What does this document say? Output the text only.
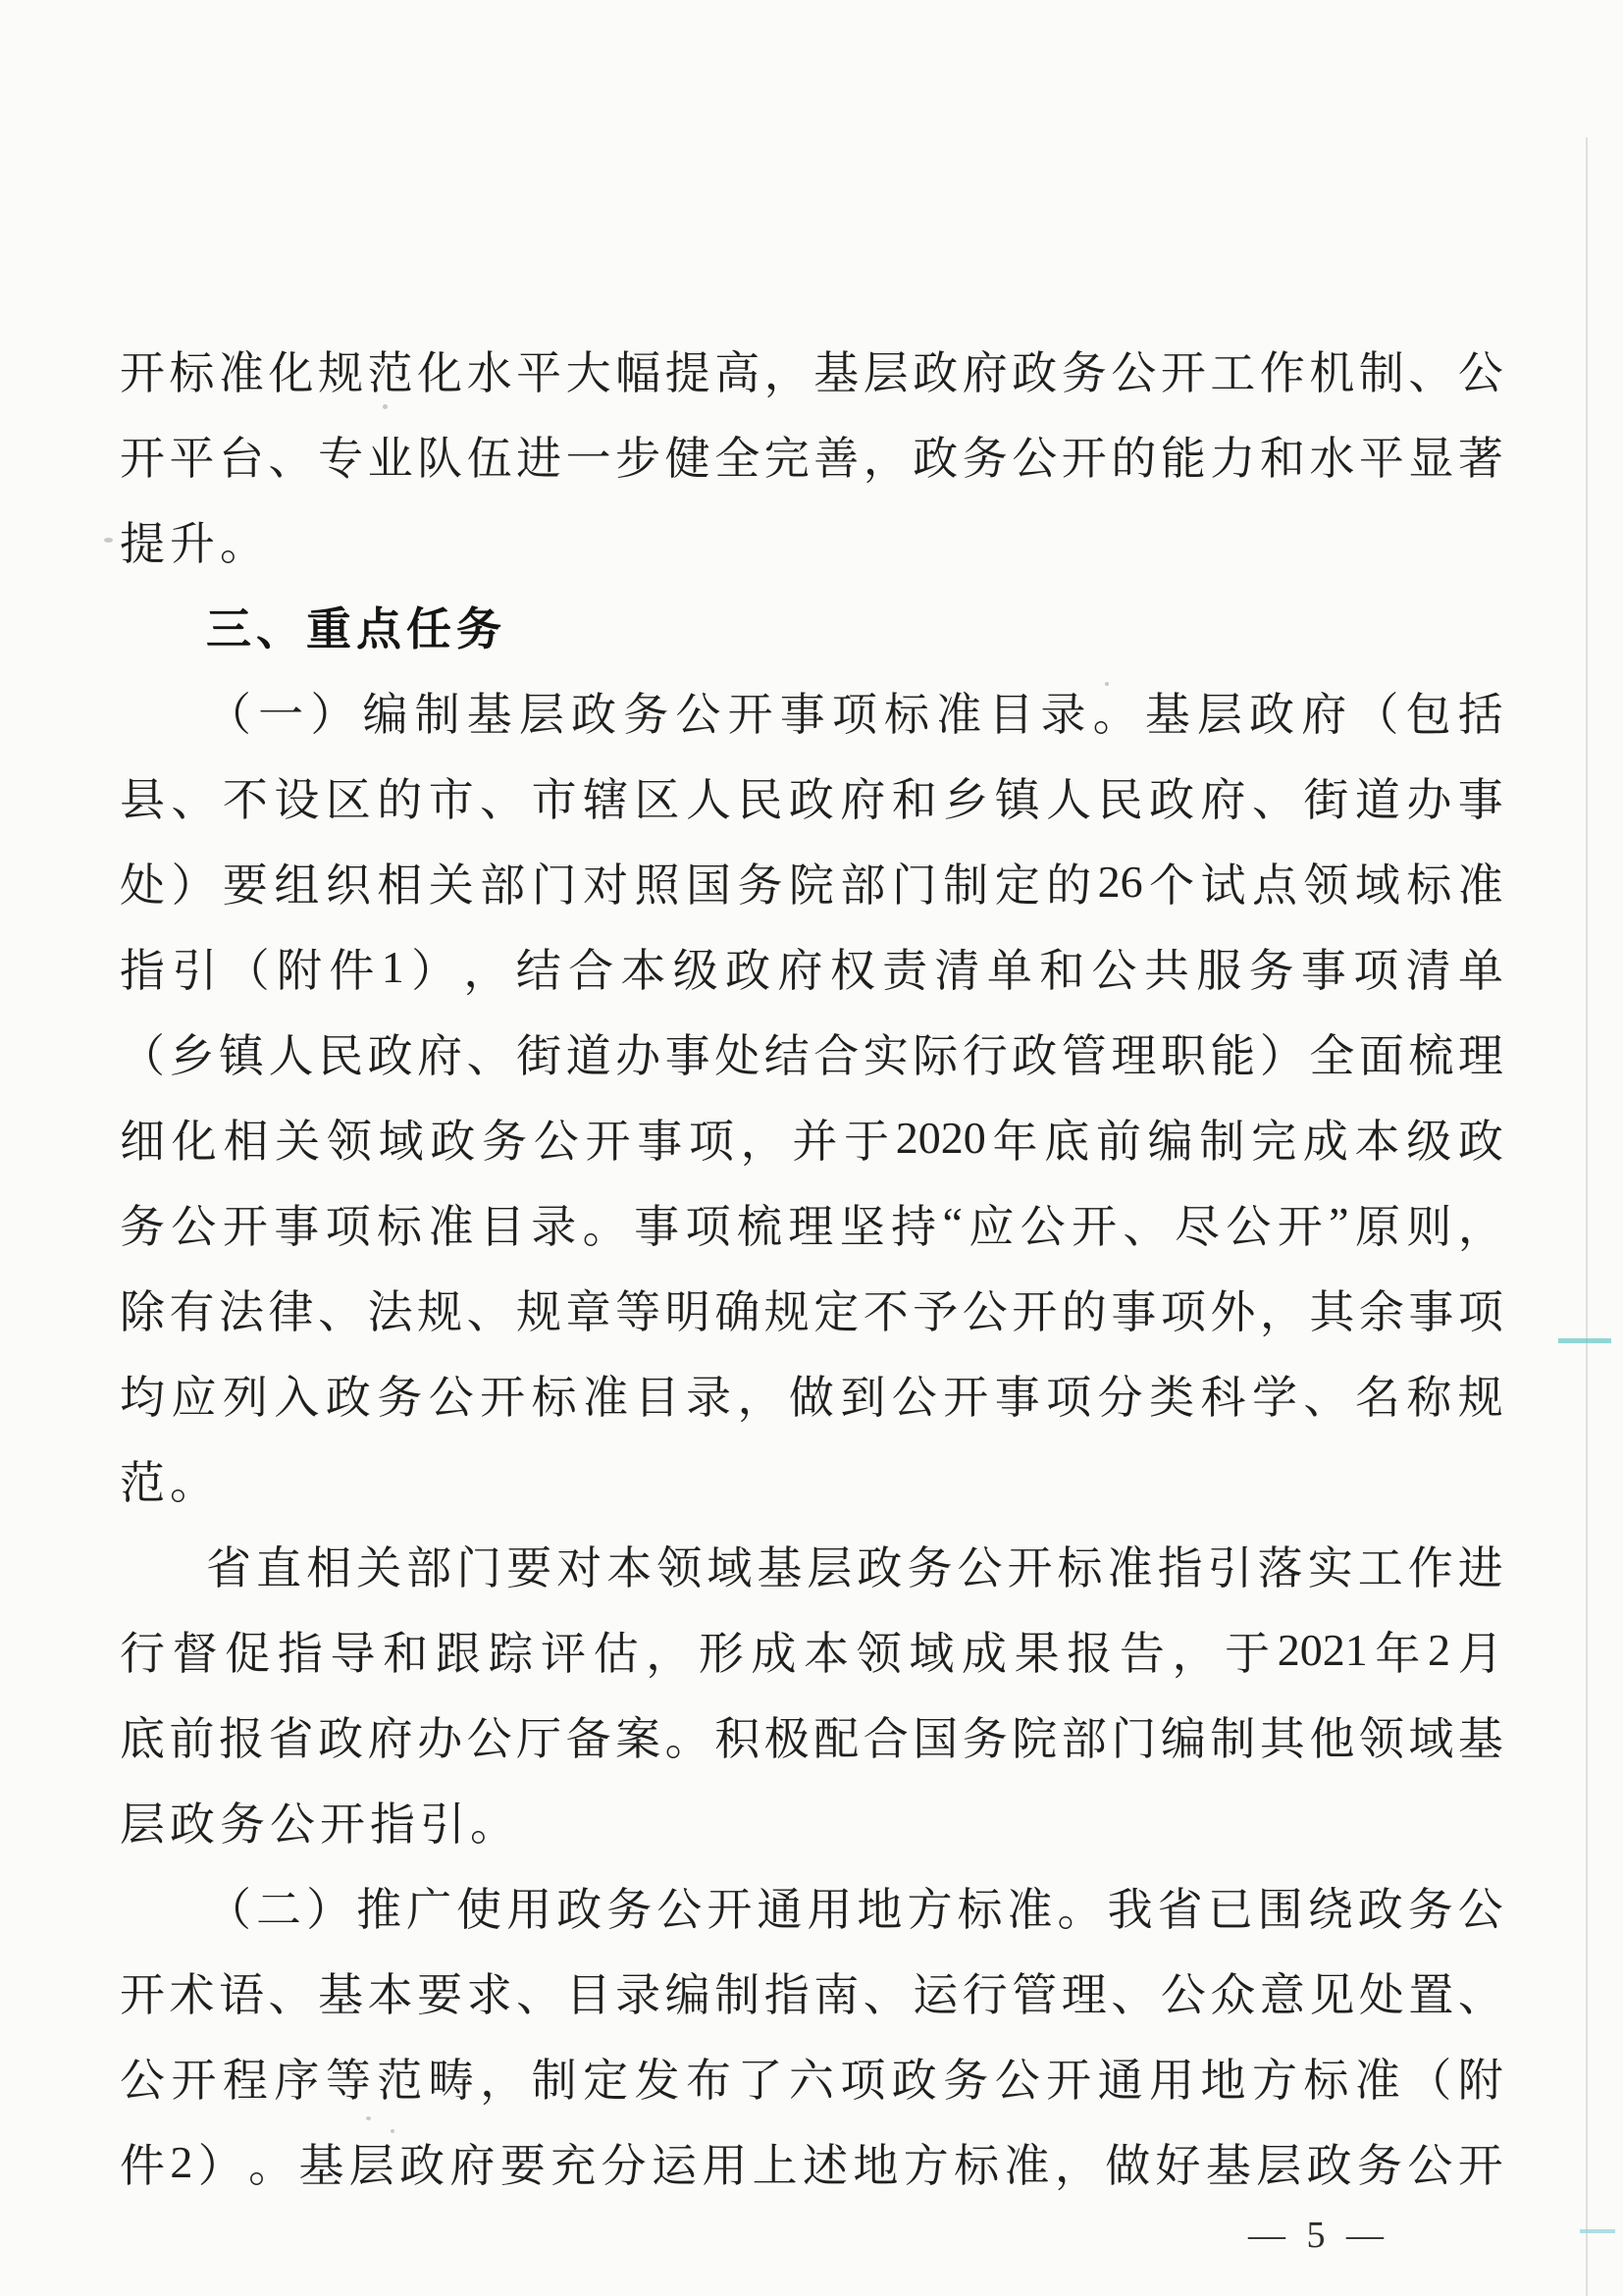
开 标 准 化 规 范 化 水 平 大 幅 提 高 ， 基 层 政 府 政 务 公 开 工 作 机 制 、 公
开 平 台 、 专 业 队 伍 进 一 步 健 全 完 善 ， 政 务 公 开 的 能 力 和 水 平 显 著
提升。
三、重点任务
（ 一 ） 编 制 基 层 政 务 公 开 事 项 标 准 目 录 。 基 层 政 府 （ 包 括
县 、 不 设 区 的 市 、 市 辖 区 人 民 政 府 和 乡 镇 人 民 政 府 、 街 道 办 事
处 ） 要 组 织 相 关 部 门 对 照 国 务 院 部 门 制 定 的 26 个 试 点 领 域 标 准
指 引 （ 附 件 1 ） ， 结 合 本 级 政 府 权 责 清 单 和 公 共 服 务 事 项 清 单
（ 乡 镇 人 民 政 府 、 街 道 办 事 处 结 合 实 际 行 政 管 理 职 能 ） 全 面 梳 理
细 化 相 关 领 域 政 务 公 开 事 项 ， 并 于 2020 年 底 前 编 制 完 成 本 级 政
务 公 开 事 项 标 准 目 录 。 事 项 梳 理 坚 持 “ 应 公 开 、 尽 公 开 ” 原 则 ，
除 有 法 律 、 法 规 、 规 章 等 明 确 规 定 不 予 公 开 的 事 项 外 ， 其 余 事 项
均 应 列 入 政 务 公 开 标 准 目 录 ， 做 到 公 开 事 项 分 类 科 学 、 名 称 规
范。
省 直 相 关 部 门 要 对 本 领 域 基 层 政 务 公 开 标 准 指 引 落 实 工 作 进
行 督 促 指 导 和 跟 踪 评 估 ， 形 成 本 领 域 成 果 报 告 ， 于 2021 年 2 月
底 前 报 省 政 府 办 公 厅 备 案 。 积 极 配 合 国 务 院 部 门 编 制 其 他 领 域 基
层政务公开指引。
（ 二 ） 推 广 使 用 政 务 公 开 通 用 地 方 标 准 。 我 省 已 围 绕 政 务 公
开 术 语 、 基 本 要 求 、 目 录 编 制 指 南 、 运 行 管 理 、 公 众 意 见 处 置 、
公 开 程 序 等 范 畴 ， 制 定 发 布 了 六 项 政 务 公 开 通 用 地 方 标 准 （ 附
件 2 ） 。 基 层 政 府 要 充 分 运 用 上 述 地 方 标 准 ， 做 好 基 层 政 务 公 开
— 5 —
